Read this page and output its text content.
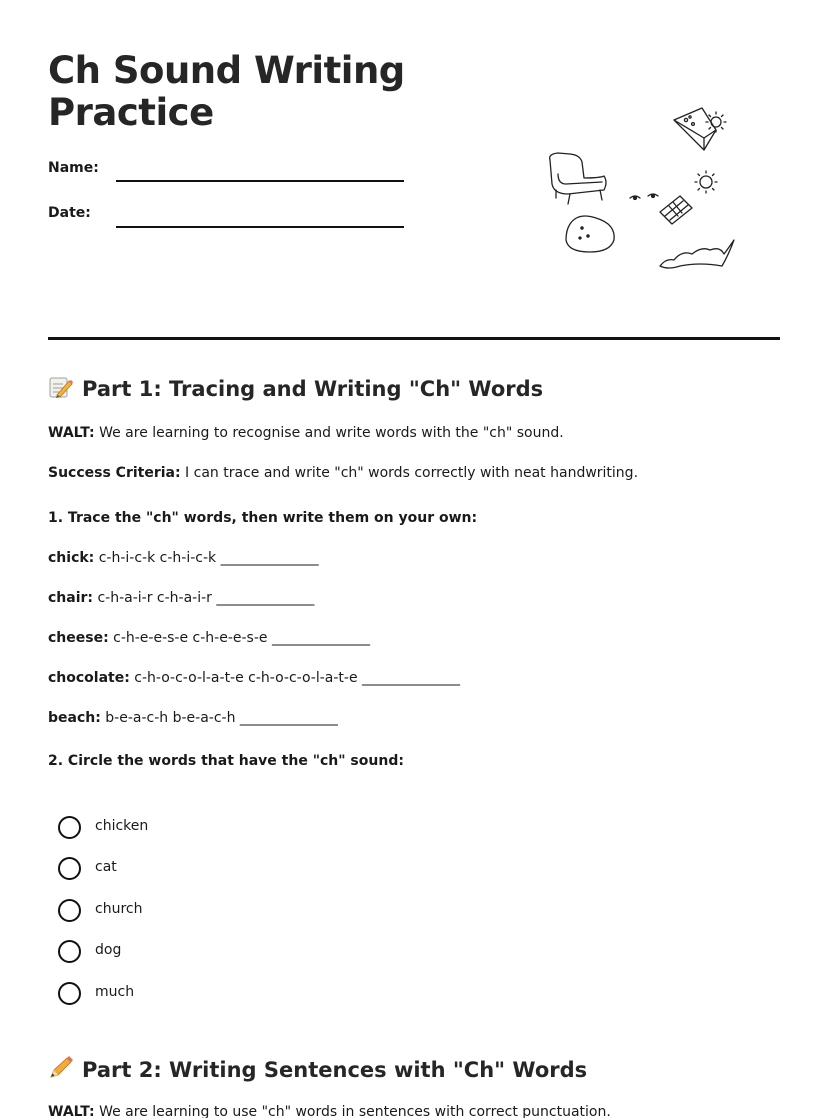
Ch Sound Writing
Practice
Name:
Date:
Part 1: Tracing and Writing "Ch" Words
WALT: We are learning to recognise and write words with the "ch" sound.
Success Criteria: I can trace and write "ch" words correctly with neat handwriting.
1. Trace the "ch" words, then write them on your own:
chick: c-h-i-c-k c-h-i-c-k ______________
chair: c-h-a-i-r c-h-a-i-r ______________
cheese: c-h-e-e-s-e c-h-e-e-s-e ______________
chocolate: c-h-o-c-o-l-a-t-e c-h-o-c-o-l-a-t-e ______________
beach: b-e-a-c-h b-e-a-c-h ______________
2. Circle the words that have the "ch" sound:
chicken
cat
church
dog
much
Part 2: Writing Sentences with "Ch" Words
WALT: We are learning to use "ch" words in sentences with correct punctuation.
